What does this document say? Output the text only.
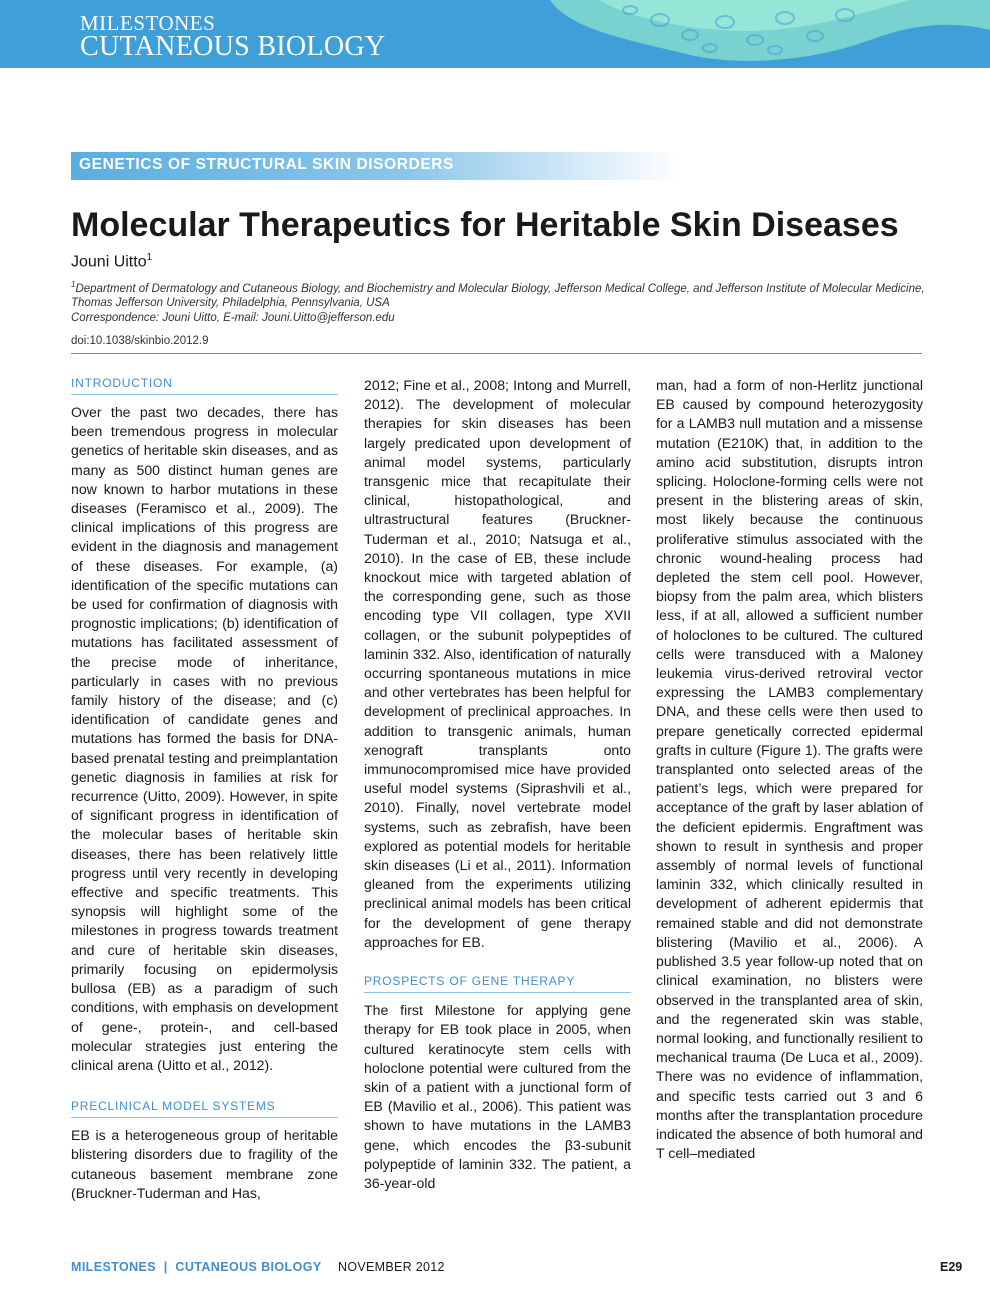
MILESTONES
CUTANEOUS BIOLOGY
GENETICS OF STRUCTURAL SKIN DISORDERS
Molecular Therapeutics for Heritable Skin Diseases
Jouni Uitto$^1$
$^1$Department of Dermatology and Cutaneous Biology, and Biochemistry and Molecular Biology, Jefferson Medical College, and Jefferson Institute of Molecular Medicine, Thomas Jefferson University, Philadelphia, Pennsylvania, USA
Correspondence: Jouni Uitto, E-mail: Jouni.Uitto@jefferson.edu
doi:10.1038/skinbio.2012.9
INTRODUCTION

Over the past two decades, there has been tremendous progress in molecular genetics of heritable skin diseases, and as many as 500 distinct human genes are now known to harbor mutations in these diseases (Feramisco et al., 2009). The clinical implications of this progress are evident in the diagnosis and management of these diseases. For example, (a) identification of the specific mutations can be used for confirmation of diagnosis with prognostic implications; (b) identification of mutations has facilitated assessment of the precise mode of inheritance, particularly in cases with no previous family history of the disease; and (c) identification of candidate genes and mutations has formed the basis for DNA-based prenatal testing and preimplantation genetic diagnosis in families at risk for recurrence (Uitto, 2009). However, in spite of significant progress in identification of the molecular bases of heritable skin diseases, there has been relatively little progress until very recently in developing effective and specific treatments. This synopsis will highlight some of the milestones in progress towards treatment and cure of heritable skin diseases, primarily focusing on epidermolysis bullosa (EB) as a paradigm of such conditions, with emphasis on development of gene-, protein-, and cell-based molecular strategies just entering the clinical arena (Uitto et al., 2012).

PRECLINICAL MODEL SYSTEMS

EB is a heterogeneous group of heritable blistering disorders due to fragility of the cutaneous basement membrane zone (Bruckner-Tuderman and Has,

2012; Fine et al., 2008; Intong and Murrell, 2012). The development of molecular therapies for skin diseases has been largely predicated upon development of animal model systems, particularly transgenic mice that recapitulate their clinical, histopathological, and ultrastructural features (Bruckner-Tuderman et al., 2010; Natsuga et al., 2010). In the case of EB, these include knockout mice with targeted ablation of the corresponding gene, such as those encoding type VII collagen, type XVII collagen, or the subunit polypeptides of laminin 332. Also, identification of naturally occurring spontaneous mutations in mice and other vertebrates has been helpful for development of preclinical approaches. In addition to transgenic animals, human xenograft transplants onto immunocompromised mice have provided useful model systems (Siprashvili et al., 2010). Finally, novel vertebrate model systems, such as zebrafish, have been explored as potential models for heritable skin diseases (Li et al., 2011). Information gleaned from the experiments utilizing preclinical animal models has been critical for the development of gene therapy approaches for EB.

PROSPECTS OF GENE THERAPY

The first Milestone for applying gene therapy for EB took place in 2005, when cultured keratinocyte stem cells with holoclone potential were cultured from the skin of a patient with a junctional form of EB (Mavilio et al., 2006). This patient was shown to have mutations in the LAMB3 gene, which encodes the β3-subunit polypeptide of laminin 332. The patient, a 36-year-old

man, had a form of non-Herlitz junctional EB caused by compound heterozygosity for a LAMB3 null mutation and a missense mutation (E210K) that, in addition to the amino acid substitution, disrupts intron splicing. Holoclone-forming cells were not present in the blistering areas of skin, most likely because the continuous proliferative stimulus associated with the chronic wound-healing process had depleted the stem cell pool. However, biopsy from the palm area, which blisters less, if at all, allowed a sufficient number of holoclones to be cultured. The cultured cells were transduced with a Maloney leukemia virus-derived retroviral vector expressing the LAMB3 complementary DNA, and these cells were then used to prepare genetically corrected epidermal grafts in culture (Figure 1). The grafts were transplanted onto selected areas of the patient’s legs, which were prepared for acceptance of the graft by laser ablation of the deficient epidermis. Engraftment was shown to result in synthesis and proper assembly of normal levels of functional laminin 332, which clinically resulted in development of adherent epidermis that remained stable and did not demonstrate blistering (Mavilio et al., 2006). A published 3.5 year follow-up noted that on clinical examination, no blisters were observed in the transplanted area of skin, and the regenerated skin was stable, normal looking, and functionally resilient to mechanical trauma (De Luca et al., 2009). There was no evidence of inflammation, and specific tests carried out 3 and 6 months after the transplantation procedure indicated the absence of both humoral and T cell–mediated

MILESTONES  |  CUTANEOUS BIOLOGY NOVEMBER 2012	E29
